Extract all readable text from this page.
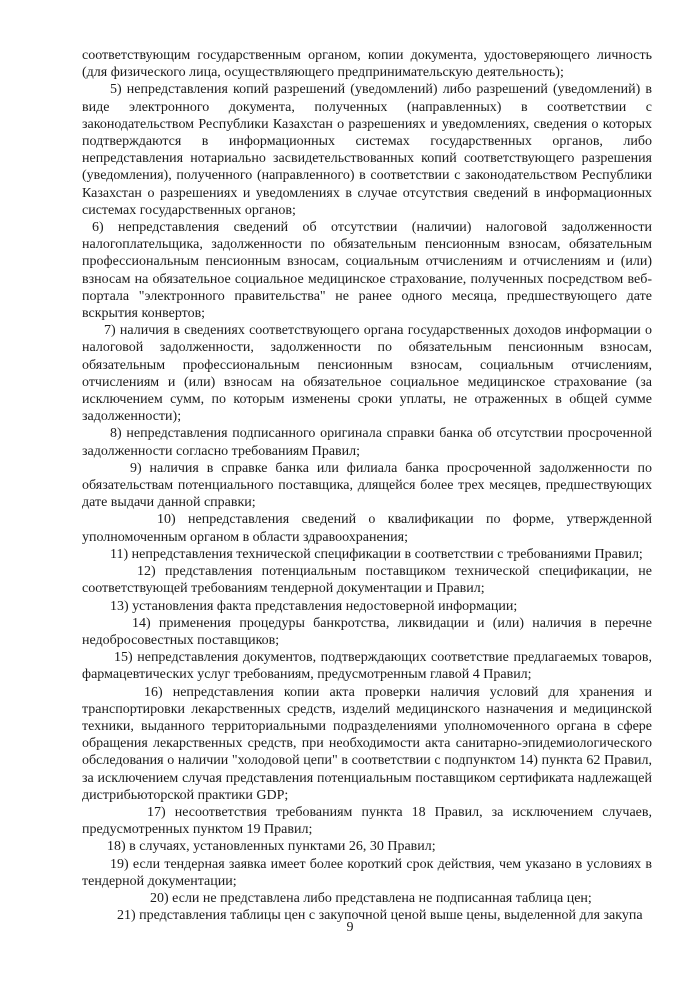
соответствующим государственным органом, копии документа, удостоверяющего личность (для физического лица, осуществляющего предпринимательскую деятельность);

5) непредставления копий разрешений (уведомлений) либо разрешений (уведомлений) в виде электронного документа, полученных (направленных) в соответствии с законодательством Республики Казахстан о разрешениях и уведомлениях, сведения о которых подтверждаются в информационных системах государственных органов, либо непредставления нотариально засвидетельствованных копий соответствующего разрешения (уведомления), полученного (направленного) в соответствии с законодательством Республики Казахстан о разрешениях и уведомлениях в случае отсутствия сведений в информационных системах государственных органов;

6) непредставления сведений об отсутствии (наличии) налоговой задолженности налогоплательщика, задолженности по обязательным пенсионным взносам, обязательным профессиональным пенсионным взносам, социальным отчислениям и отчислениям и (или) взносам на обязательное социальное медицинское страхование, полученных посредством веб-портала "электронного правительства" не ранее одного месяца, предшествующего дате вскрытия конвертов;

7) наличия в сведениях соответствующего органа государственных доходов информации о налоговой задолженности, задолженности по обязательным пенсионным взносам, обязательным профессиональным пенсионным взносам, социальным отчислениям, отчислениям и (или) взносам на обязательное социальное медицинское страхование (за исключением сумм, по которым изменены сроки уплаты, не отраженных в общей сумме задолженности);

8) непредставления подписанного оригинала справки банка об отсутствии просроченной задолженности согласно требованиям Правил;

9) наличия в справке банка или филиала банка просроченной задолженности по обязательствам потенциального поставщика, длящейся более трех месяцев, предшествующих дате выдачи данной справки;

10) непредставления сведений о квалификации по форме, утвержденной уполномоченным органом в области здравоохранения;

11) непредставления технической спецификации в соответствии с требованиями Правил;

12) представления потенциальным поставщиком технической спецификации, не соответствующей требованиям тендерной документации и Правил;

13) установления факта представления недостоверной информации;

14) применения процедуры банкротства, ликвидации и (или) наличия в перечне недобросовестных поставщиков;

15) непредставления документов, подтверждающих соответствие предлагаемых товаров, фармацевтических услуг требованиям, предусмотренным главой 4 Правил;

16) непредставления копии акта проверки наличия условий для хранения и транспортировки лекарственных средств, изделий медицинского назначения и медицинской техники, выданного территориальными подразделениями уполномоченного органа в сфере обращения лекарственных средств, при необходимости акта санитарно-эпидемиологического обследования о наличии "холодовой цепи" в соответствии с подпунктом 14) пункта 62 Правил, за исключением случая представления потенциальным поставщиком сертификата надлежащей дистрибьюторской практики GDP;

17) несоответствия требованиям пункта 18 Правил, за исключением случаев, предусмотренных пунктом 19 Правил;

18) в случаях, установленных пунктами 26, 30 Правил;

19) если тендерная заявка имеет более короткий срок действия, чем указано в условиях в тендерной документации;

20) если не представлена либо представлена не подписанная таблица цен;

21) представления таблицы цен с закупочной ценой выше цены, выделенной для закупа

9
